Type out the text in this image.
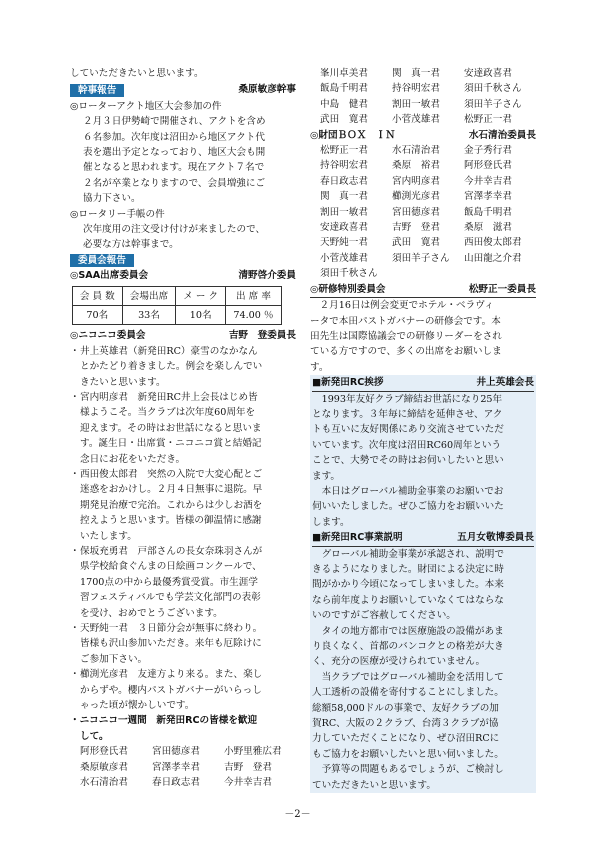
していただきたいと思います。

幹事報告	桑原敏彦幹事

◎ローターアクト地区大会参加の件

２月３日伊勢崎で開催され、アクトを含め

６名参加。次年度は沼田から地区アクト代

表を選出予定となっており、地区大会も開

催となると思われます。現在アクト７名で

２名が卒業となりますので、会員増強にご

協力下さい。

◎ロータリー手帳の件

次年度用の注文受け付けが来ましたので、

必要な方は幹事まで。

委員会報告
◎SAA出席委員会	清野啓介委員
会 員 数	会場出席	メ ー ク	出 席 率
70名	33名	10名	74.00 ％
◎ニコニコ委員会	吉野　登委員長
・ 井上英雄君（新発田RC）豪雪のなかなん

とかたどり着きました。例会を楽しんでい

きたいと思います。

・ 宮内明彦君　新発田RC井上会長はじめ皆

様ようこそ。当クラブは次年度60周年を

迎えます。その時はお世話になると思いま

す。誕生日・出席賞・ニコニコ賞と結婚記

念日にお花をいただき。

・ 西田俊太郎君　突然の入院で大変心配とご

迷惑をおかけし。２月４日無事に退院。早

期発見治療で完治。これからは少しお酒を

控えようと思います。皆様の御温情に感謝

いたします。

・ 保坂充勇君　戸部さんの長女奈珠羽さんが

県学校給食ぐんまの日絵画コンクールで、

1700点の中から最優秀賞受賞。市生涯学

習フェスティバルでも学芸文化部門の表彰

を受け、おめでとうございます。

・ 天野純一君　３日節分会が無事に終わり。

皆様も沢山参加いただき。来年も厄除けに

ご参加下さい。

・ 櫛渕光彦君　友達方より来る。また、楽し

からずや。櫻内パストガバナーがいらっし

ゃった頃が懐かしいです。

・ニコニコ一週間　新発田RCの皆様を歓迎

して。

阿形登氏君	宮田德彦君	小野里雅広君
桑原敏彦君	宮澤孝幸君	吉野　登君
水石清治君	春日政志君	今井幸吉君
峯川卓美君	関　真一君	安達政喜君
飯島千明君	持谷明宏君	須田千秋さん
中島　健君	割田一敏君	須田羊子さん
武田　寛君	小菅茂雄君	松野正一君
◎財団ＢＯＸ　ＩＮ	水石清治委員長
松野正一君	水石清治君	金子秀行君
持谷明宏君	桑原　裕君	阿形登氏君
春日政志君	宮内明彦君	今井幸吉君
関　真一君	櫛渕光彦君	宮澤孝幸君
割田一敏君	宮田德彦君	飯島千明君
安達政喜君	吉野　登君	桑原　滋君
天野純一君	武田　寛君	西田俊太郎君
小菅茂雄君	須田羊子さん	山田龍之介君
須田千秋さん
◎研修特別委員会	松野正一委員長

２月16日は例会変更でホテル・ベラヴィ

ータで本田パストガバナーの研修会です。本

田先生は国際協議会での研修リーダーをされ

ている方ですので、多くの出席をお願いしま

す。

■新発田RC挨拶	井上英雄会長

1993年友好クラブ締結お世話になり25年

となります。３年毎に締結を延伸させ、アク

トも互いに友好関係にあり交流させていただ

いています。次年度は沼田RC60周年という

ことで、大勢でその時はお伺いしたいと思い

ます。

本日はグローバル補助金事業のお願いでお

伺いいたしました。ぜひご協力をお願いいた

します。

■新発田RC事業説明	五月女敬博委員長

グローバル補助金事業が承認され、説明で

きるようになりました。財団による決定に時

間がかかり今頃になってしまいました。本来

なら前年度よりお願いしていなくてはならな

いのですがご容赦してください。

タイの地方都市では医療施設の設備があま

り良くなく、首都のバンコクとの格差が大き

く、充分の医療が受けられていません。

当クラブではグローバル補助金を活用して

人工透析の設備を寄付することにしました。

総額58,000ドルの事業で、友好クラブの加

賀RC、大阪の２クラブ、台湾３クラブが協

力していただくことになり、ぜひ沼田RCに

もご協力をお願いしたいと思い伺いました。

予算等の問題もあるでしょうが、ご検討し

ていただきたいと思います。

－2－
